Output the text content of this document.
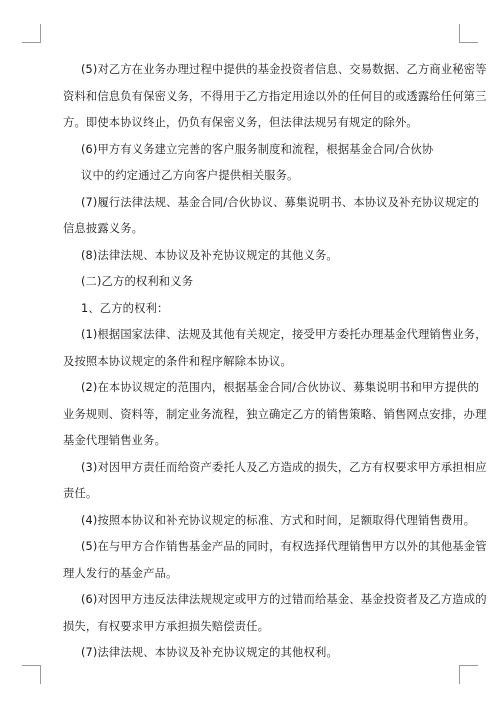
(5)对乙方在业务办理过程中提供的基金投资者信息、交易数据、乙方商业秘密等
资料和信息负有保密义务，不得用于乙方指定用途以外的任何目的或透露给任何第三
方。即使本协议终止，仍负有保密义务，但法律法规另有规定的除外。
(6)甲方有义务建立完善的客户服务制度和流程，根据基金合同/合伙协
议中的约定通过乙方向客户提供相关服务。
(7)履行法律法规、基金合同/合伙协议、募集说明书、本协议及补充协议规定的
信息披露义务。
(8)法律法规、本协议及补充协议规定的其他义务。
(二)乙方的权利和义务
1、乙方的权利：
(1)根据国家法律、法规及其他有关规定，接受甲方委托办理基金代理销售业务，
及按照本协议规定的条件和程序解除本协议。
(2)在本协议规定的范围内，根据基金合同/合伙协议、募集说明书和甲方提供的
业务规则、资料等，制定业务流程，独立确定乙方的销售策略、销售网点安排，办理
基金代理销售业务。
(3)对因甲方责任而给资产委托人及乙方造成的损失，乙方有权要求甲方承担相应
责任。
(4)按照本协议和补充协议规定的标准、方式和时间，足额取得代理销售费用。
(5)在与甲方合作销售基金产品的同时，有权选择代理销售甲方以外的其他基金管
理人发行的基金产品。
(6)对因甲方违反法律法规规定或甲方的过错而给基金、基金投资者及乙方造成的
损失，有权要求甲方承担损失赔偿责任。
(7)法律法规、本协议及补充协议规定的其他权利。
